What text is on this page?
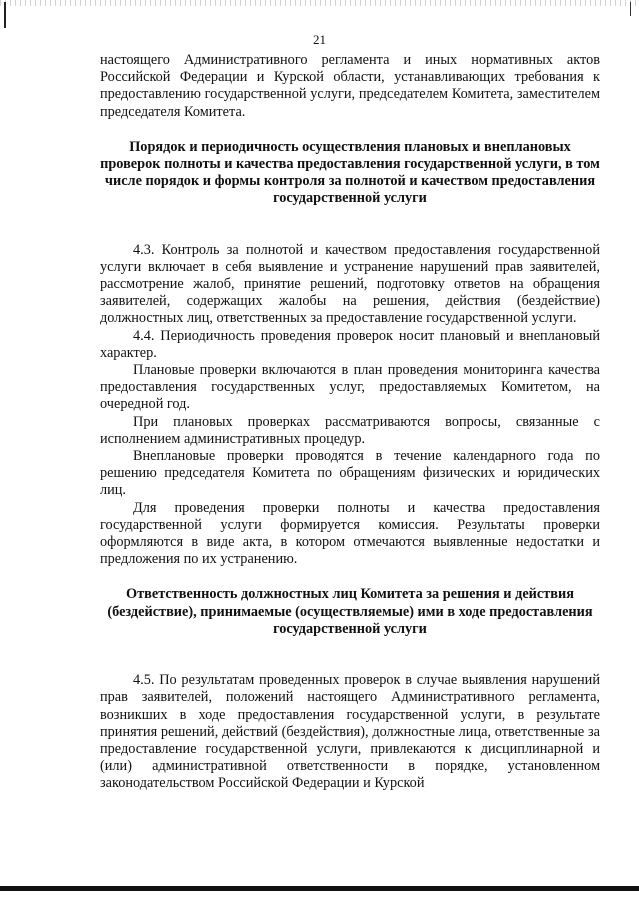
21

настоящего Административного регламента и иных нормативных актов Российской Федерации и Курской области, устанавливающих требования к предоставлению государственной услуги, председателем Комитета, заместителем председателя Комитета.

Порядок и периодичность осуществления плановых и внеплановых проверок полноты и качества предоставления государственной услуги, в том числе порядок и формы контроля за полнотой и качеством предоставления государственной услуги

4.3. Контроль за полнотой и качеством предоставления государственной услуги включает в себя выявление и устранение нарушений прав заявителей, рассмотрение жалоб, принятие решений, подготовку ответов на обращения заявителей, содержащих жалобы на решения, действия (бездействие) должностных лиц, ответственных за предоставление государственной услуги.

4.4. Периодичность проведения проверок носит плановый и внеплановый характер.

Плановые проверки включаются в план проведения мониторинга качества предоставления государственных услуг, предоставляемых Комитетом, на очередной год.

При плановых проверках рассматриваются вопросы, связанные с исполнением административных процедур.

Внеплановые проверки проводятся в течение календарного года по решению председателя Комитета по обращениям физических и юридических лиц.

Для проведения проверки полноты и качества предоставления государственной услуги формируется комиссия. Результаты проверки оформляются в виде акта, в котором отмечаются выявленные недостатки и предложения по их устранению.

Ответственность должностных лиц Комитета за решения и действия (бездействие), принимаемые (осуществляемые) ими в ходе предоставления государственной услуги

4.5. По результатам проведенных проверок в случае выявления нарушений прав заявителей, положений настоящего Административного регламента, возникших в ходе предоставления государственной услуги, в результате принятия решений, действий (бездействия), должностные лица, ответственные за предоставление государственной услуги, привлекаются к дисциплинарной и (или) административной ответственности в порядке, установленном законодательством Российской Федерации и Курской
